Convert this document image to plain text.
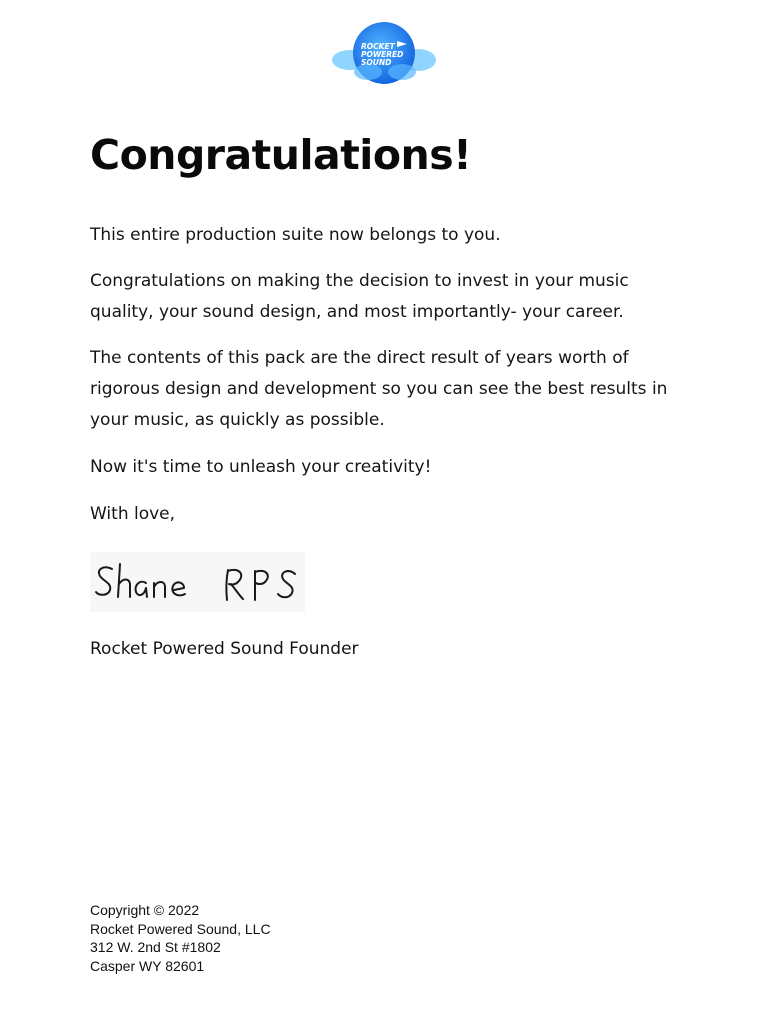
ROCKET
POWERED
SOUND
Congratulations!

This entire production suite now belongs to you.

Congratulations on making the decision to invest in your music quality, your sound design, and most importantly- your career.

The contents of this pack are the direct result of years worth of rigorous design and development so you can see the best results in your music, as quickly as possible.

Now it's time to unleash your creativity!

With love,

Rocket Powered Sound Founder

Copyright © 2022
Rocket Powered Sound, LLC
312 W. 2nd St #1802
Casper WY 82601
